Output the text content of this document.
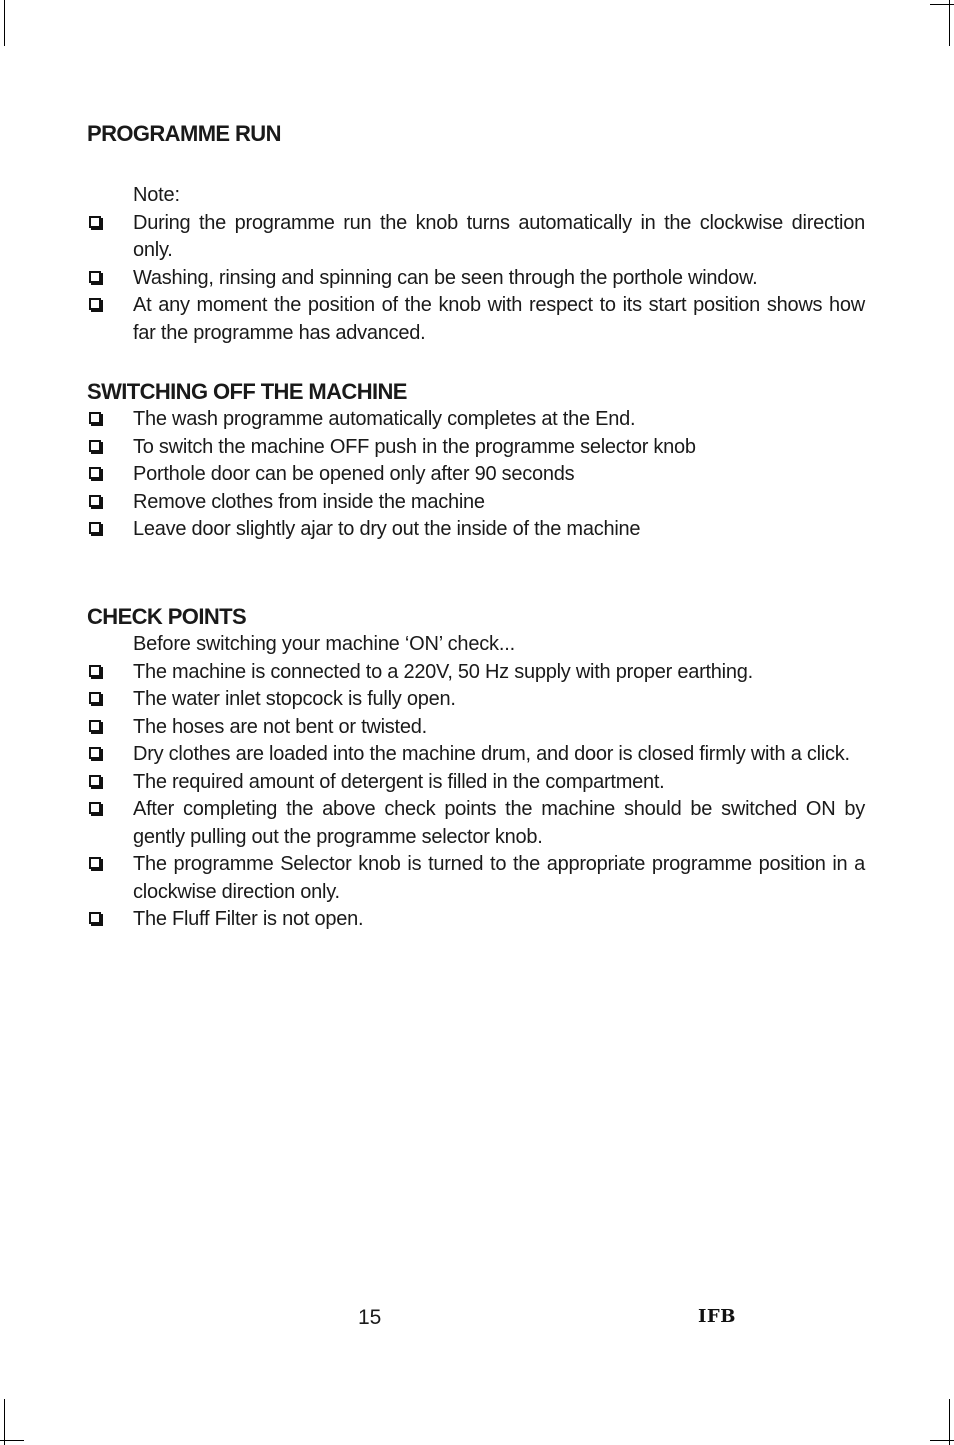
PROGRAMME RUN

Note:

During the programme run the knob turns automatically in the clockwise direction only.
Washing, rinsing and spinning can be seen through the porthole window.
At any moment the position of the knob with respect to its start position shows how far the programme has advanced.
SWITCHING OFF THE MACHINE
The wash programme automatically completes at the End.
To switch the machine OFF push in the programme selector knob
Porthole door can be opened only after 90 seconds
Remove clothes from inside the machine
Leave door slightly ajar to dry out the inside of the machine
CHECK POINTS

Before switching your machine ‘ON’ check...

The machine is connected to a 220V, 50 Hz supply with proper earthing.
The water inlet stopcock is fully open.
The hoses are not bent or twisted.
Dry clothes are loaded into the machine drum, and door is closed firmly with a click.
The required amount of detergent is filled in the compartment.
After completing the above check points the machine should be switched ON by gently pulling out the programme selector knob.
The programme Selector knob is turned to the appropriate programme position in a clockwise direction only.
The Fluff Filter is not open.
15	IFB
